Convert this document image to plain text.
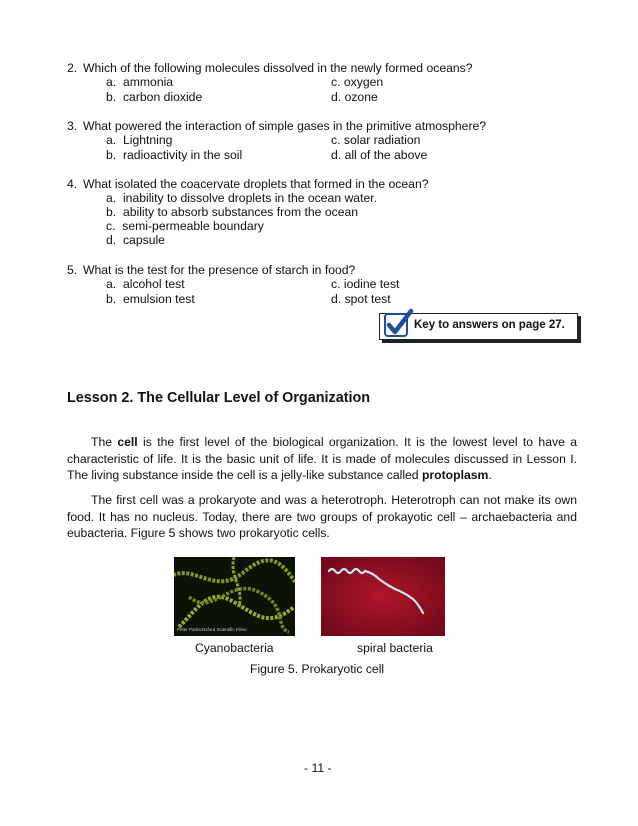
2. Which of the following molecules dissolved in the newly formed oceans?
a. ammonia	c. oxygen
b. carbon dioxide	d. ozone
3. What powered the interaction of simple gases in the primitive atmosphere?
a. Lightning	c. solar radiation
b. radioactivity in the soil	d. all of the above
4. What isolated the coacervate droplets that formed in the ocean?
a. inability to dissolve droplets in the ocean water.
b. ability to absorb substances from the ocean
c. semi-permeable boundary
d. capsule
5. What is the test for the presence of starch in food?
a. alcohol test	c. iodine test
b. emulsion test	d. spot test
Key to answers on page 27.
Lesson 2. The Cellular Level of Organization
The cell is the first level of the biological organization. It is the lowest level to have a characteristic of life. It is the basic unit of life. It is made of molecules discussed in Lesson I. The living substance inside the cell is a jelly-like substance called protoplasm.
The first cell was a prokaryote and was a heterotroph. Heterotroph can not make its own food. It has no nucleus. Today, there are two groups of prokayotic cell – archaebacteria and eubacteria. Figure 5 shows two prokaryotic cells.
Peter Parks/Oxford Scientific Films
Cyanobacteria	spiral bacteria
Figure 5. Prokaryotic cell
- 11 -
